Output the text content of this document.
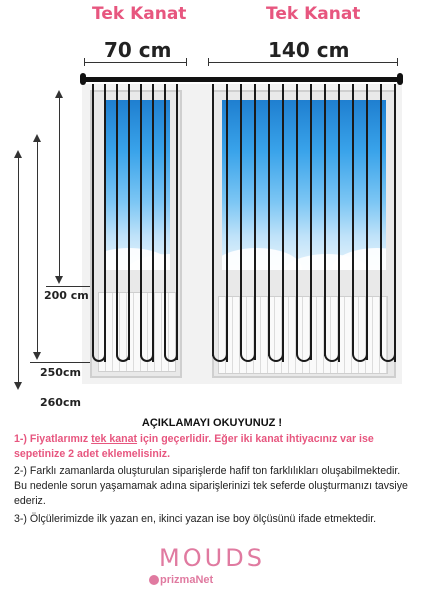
Tek Kanat	Tek Kanat
70 cm	140 cm
200 cm
250cm
260cm
AÇIKLAMAYI OKUYUNUZ !
1-) Fiyatlarımız tek kanat için geçerlidir. Eğer iki kanat ihtiyacınız var ise sepetinize 2 adet eklemelisiniz.
2-) Farklı zamanlarda oluşturulan siparişlerde hafif ton farklılıkları oluşabilmektedir. Bu nedenle sorun yaşamamak adına siparişlerinizi tek seferde oluşturmanızı tavsiye ederiz.
3-) Ölçülerimizde ilk yazan en, ikinci yazan ise boy ölçüsünü ifade etmektedir.
MOUDS
prizmaNet
